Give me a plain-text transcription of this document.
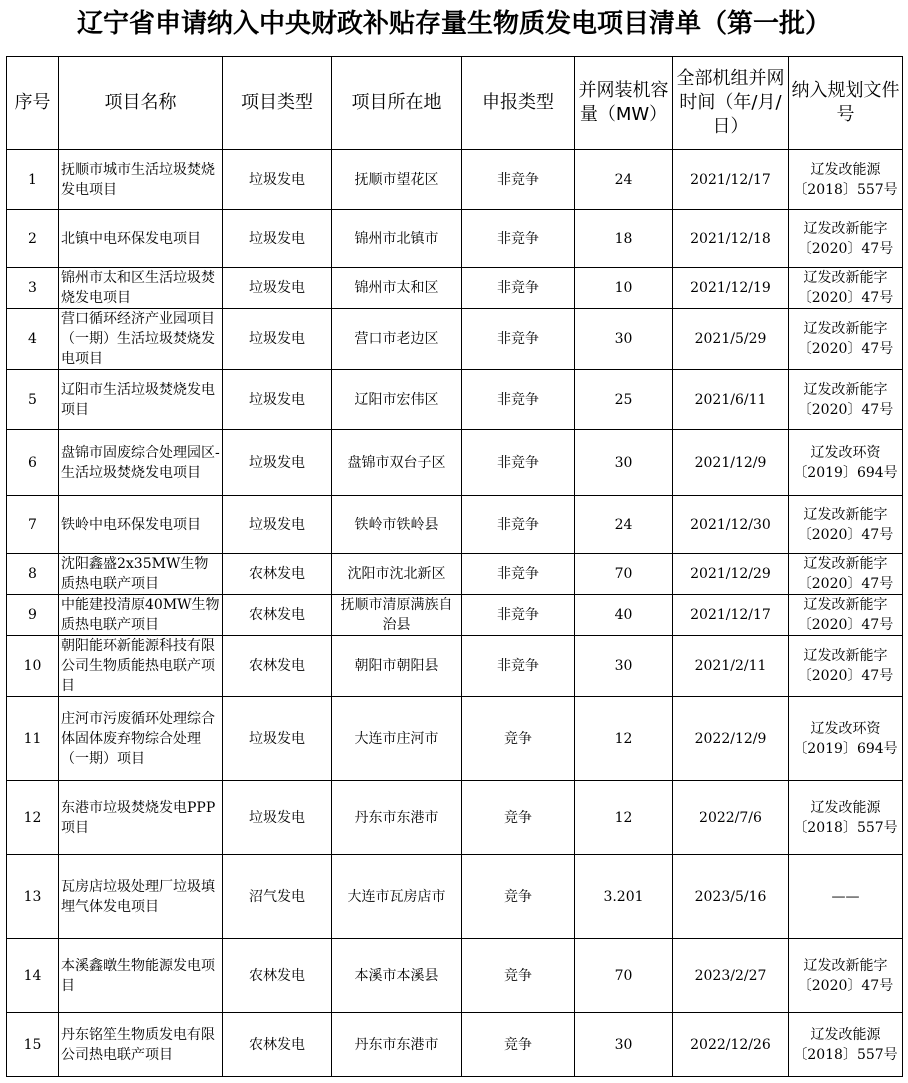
辽宁省申请纳入中央财政补贴存量生物质发电项目清单（第一批）
序号	项目名称	项目类型	项目所在地	申报类型	并网装机容量（MW）	全部机组并网时间（年/月/日）	纳入规划文件号
1	抚顺市城市生活垃圾焚烧发电项目	垃圾发电	抚顺市望花区	非竞争	24	2021/12/17	辽发改能源〔2018〕557号
2	北镇中电环保发电项目	垃圾发电	锦州市北镇市	非竞争	18	2021/12/18	辽发改新能字〔2020〕47号
3	锦州市太和区生活垃圾焚烧发电项目	垃圾发电	锦州市太和区	非竞争	10	2021/12/19	辽发改新能字〔2020〕47号
4	营口循环经济产业园项目（一期）生活垃圾焚烧发电项目	垃圾发电	营口市老边区	非竞争	30	2021/5/29	辽发改新能字〔2020〕47号
5	辽阳市生活垃圾焚烧发电项目	垃圾发电	辽阳市宏伟区	非竞争	25	2021/6/11	辽发改新能字〔2020〕47号
6	盘锦市固废综合处理园区-生活垃圾焚烧发电项目	垃圾发电	盘锦市双台子区	非竞争	30	2021/12/9	辽发改环资〔2019〕694号
7	铁岭中电环保发电项目	垃圾发电	铁岭市铁岭县	非竞争	24	2021/12/30	辽发改新能字〔2020〕47号
8	沈阳鑫盛2x35MW生物质热电联产项目	农林发电	沈阳市沈北新区	非竞争	70	2021/12/29	辽发改新能字〔2020〕47号
9	中能建投清原40MW生物质热电联产项目	农林发电	抚顺市清原满族自治县	非竞争	40	2021/12/17	辽发改新能字〔2020〕47号
10	朝阳能环新能源科技有限公司生物质能热电联产项目	农林发电	朝阳市朝阳县	非竞争	30	2021/2/11	辽发改新能字〔2020〕47号
11	庄河市污废循环处理综合体固体废弃物综合处理（一期）项目	垃圾发电	大连市庄河市	竞争	12	2022/12/9	辽发改环资〔2019〕694号
12	东港市垃圾焚烧发电PPP项目	垃圾发电	丹东市东港市	竞争	12	2022/7/6	辽发改能源〔2018〕557号
13	瓦房店垃圾处理厂垃圾填埋气体发电项目	沼气发电	大连市瓦房店市	竞争	3.201	2023/5/16	——
14	本溪鑫暾生物能源发电项目	农林发电	本溪市本溪县	竞争	70	2023/2/27	辽发改新能字〔2020〕47号
15	丹东铭笙生物质发电有限公司热电联产项目	农林发电	丹东市东港市	竞争	30	2022/12/26	辽发改能源〔2018〕557号
